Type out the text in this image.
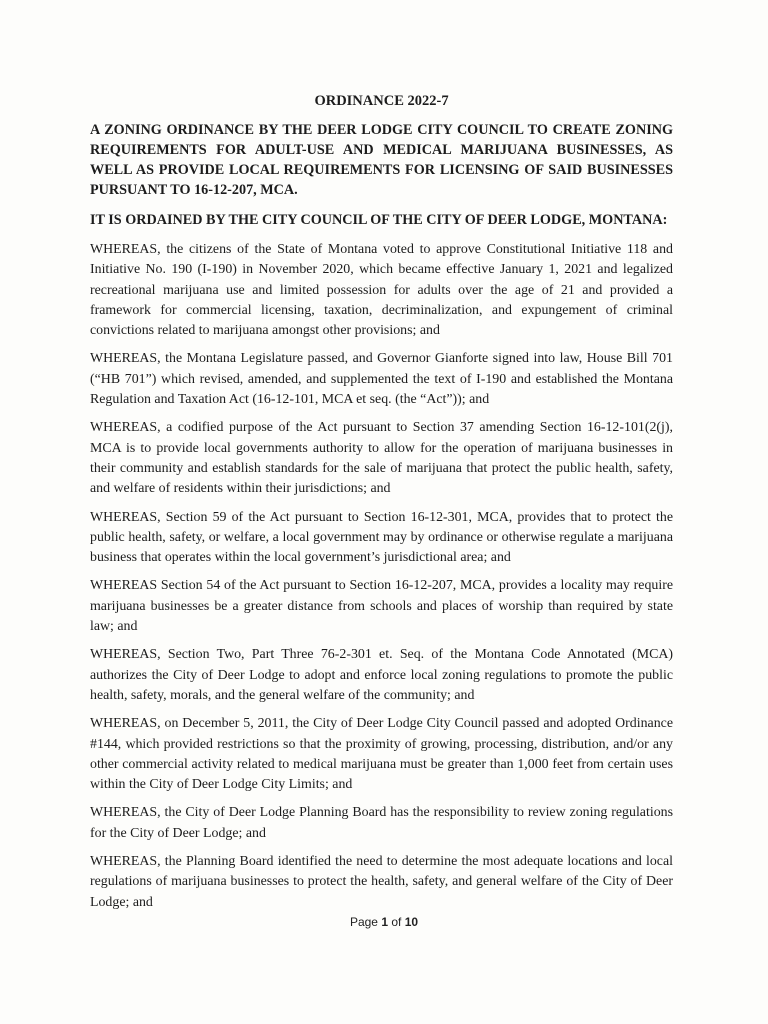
ORDINANCE 2022-7
A ZONING ORDINANCE BY THE DEER LODGE CITY COUNCIL TO CREATE ZONING REQUIREMENTS FOR ADULT-USE AND MEDICAL MARIJUANA BUSINESSES, AS WELL AS PROVIDE LOCAL REQUIREMENTS FOR LICENSING OF SAID BUSINESSES PURSUANT TO 16-12-207, MCA.
IT IS ORDAINED BY THE CITY COUNCIL OF THE CITY OF DEER LODGE, MONTANA:

WHEREAS, the citizens of the State of Montana voted to approve Constitutional Initiative 118 and Initiative No. 190 (I-190) in November 2020, which became effective January 1, 2021 and legalized recreational marijuana use and limited possession for adults over the age of 21 and provided a framework for commercial licensing, taxation, decriminalization, and expungement of criminal convictions related to marijuana amongst other provisions; and

WHEREAS, the Montana Legislature passed, and Governor Gianforte signed into law, House Bill 701 (“HB 701”) which revised, amended, and supplemented the text of I-190 and established the Montana Regulation and Taxation Act (16-12-101, MCA et seq. (the “Act”)); and

WHEREAS, a codified purpose of the Act pursuant to Section 37 amending Section 16-12-101(2(j), MCA is to provide local governments authority to allow for the operation of marijuana businesses in their community and establish standards for the sale of marijuana that protect the public health, safety, and welfare of residents within their jurisdictions; and

WHEREAS, Section 59 of the Act pursuant to Section 16-12-301, MCA, provides that to protect the public health, safety, or welfare, a local government may by ordinance or otherwise regulate a marijuana business that operates within the local government’s jurisdictional area; and

WHEREAS Section 54 of the Act pursuant to Section 16-12-207, MCA, provides a locality may require marijuana businesses be a greater distance from schools and places of worship than required by state law; and

WHEREAS, Section Two, Part Three 76-2-301 et. Seq. of the Montana Code Annotated (MCA) authorizes the City of Deer Lodge to adopt and enforce local zoning regulations to promote the public health, safety, morals, and the general welfare of the community; and

WHEREAS, on December 5, 2011, the City of Deer Lodge City Council passed and adopted Ordinance #144, which provided restrictions so that the proximity of growing, processing, distribution, and/or any other commercial activity related to medical marijuana must be greater than 1,000 feet from certain uses within the City of Deer Lodge City Limits; and

WHEREAS, the City of Deer Lodge Planning Board has the responsibility to review zoning regulations for the City of Deer Lodge; and

WHEREAS, the Planning Board identified the need to determine the most adequate locations and local regulations of marijuana businesses to protect the health, safety, and general welfare of the City of Deer Lodge; and

Page 1 of 10
